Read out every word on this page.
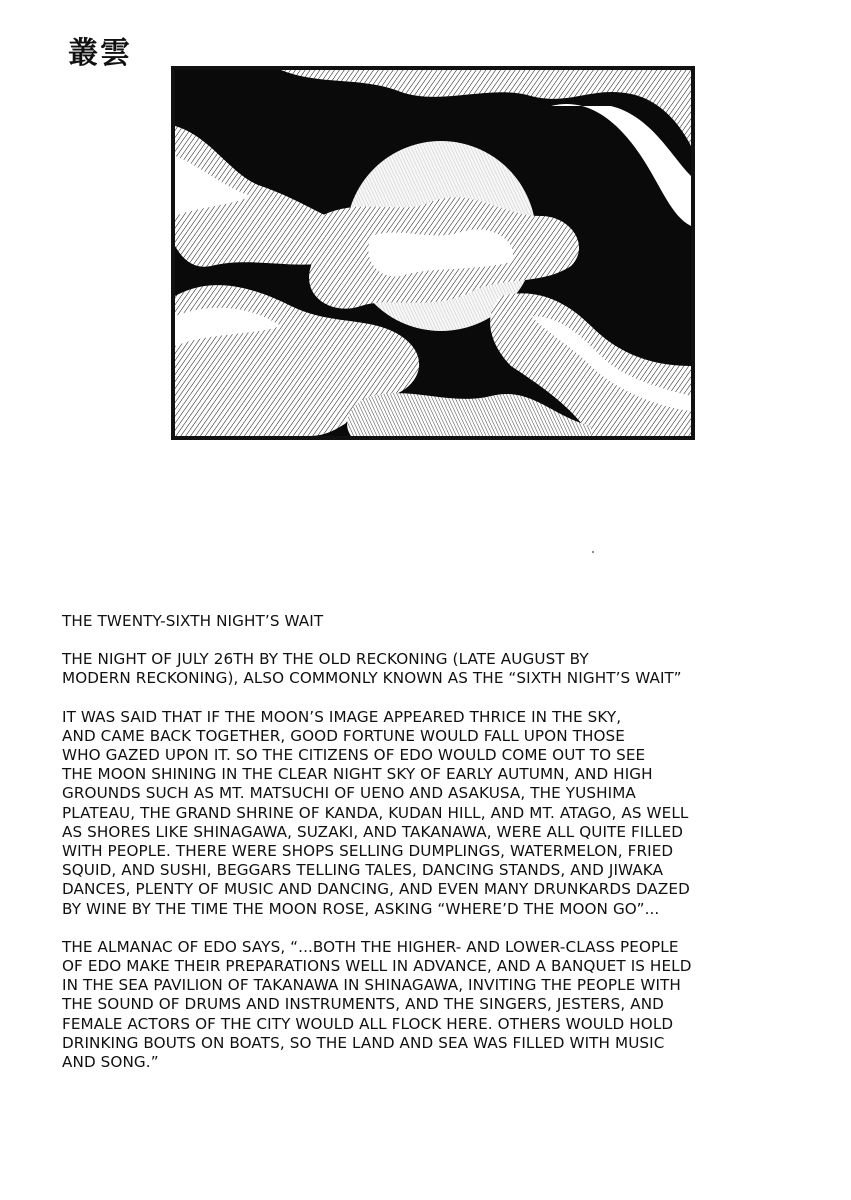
叢雲

THE TWENTY-SIXTH NIGHT’S WAIT

THE NIGHT OF JULY 26TH BY THE OLD RECKONING (LATE AUGUST BY
MODERN RECKONING), ALSO COMMONLY KNOWN AS THE “SIXTH NIGHT’S WAIT”

IT WAS SAID THAT IF THE MOON’S IMAGE APPEARED THRICE IN THE SKY,
AND CAME BACK TOGETHER, GOOD FORTUNE WOULD FALL UPON THOSE
WHO GAZED UPON IT. SO THE CITIZENS OF EDO WOULD COME OUT TO SEE
THE MOON SHINING IN THE CLEAR NIGHT SKY OF EARLY AUTUMN, AND HIGH
GROUNDS SUCH AS MT. MATSUCHI OF UENO AND ASAKUSA, THE YUSHIMA
PLATEAU, THE GRAND SHRINE OF KANDA, KUDAN HILL, AND MT. ATAGO, AS WELL
AS SHORES LIKE SHINAGAWA, SUZAKI, AND TAKANAWA, WERE ALL QUITE FILLED
WITH PEOPLE. THERE WERE SHOPS SELLING DUMPLINGS, WATERMELON, FRIED
SQUID, AND SUSHI, BEGGARS TELLING TALES, DANCING STANDS, AND JIWAKA
DANCES, PLENTY OF MUSIC AND DANCING, AND EVEN MANY DRUNKARDS DAZED
BY WINE BY THE TIME THE MOON ROSE, ASKING “WHERE’D THE MOON GO”...

THE ALMANAC OF EDO SAYS, “...BOTH THE HIGHER- AND LOWER-CLASS PEOPLE
OF EDO MAKE THEIR PREPARATIONS WELL IN ADVANCE, AND A BANQUET IS HELD
IN THE SEA PAVILION OF TAKANAWA IN SHINAGAWA, INVITING THE PEOPLE WITH
THE SOUND OF DRUMS AND INSTRUMENTS, AND THE SINGERS, JESTERS, AND
FEMALE ACTORS OF THE CITY WOULD ALL FLOCK HERE. OTHERS WOULD HOLD
DRINKING BOUTS ON BOATS, SO THE LAND AND SEA WAS FILLED WITH MUSIC
AND SONG.”
